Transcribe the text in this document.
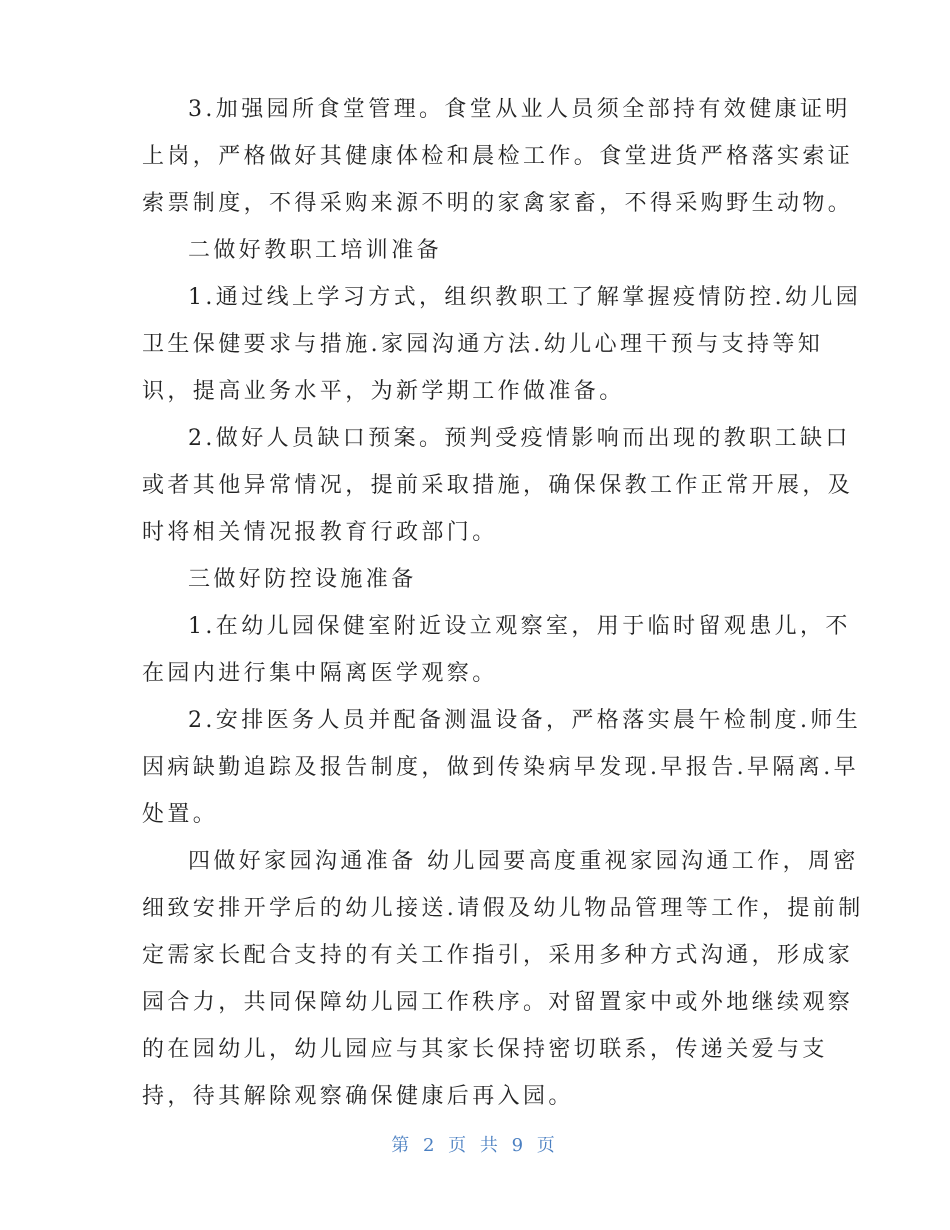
3.加强园所食堂管理。食堂从业人员须全部持有效健康证明
上岗，严格做好其健康体检和晨检工作。食堂进货严格落实索证
索票制度，不得采购来源不明的家禽家畜，不得采购野生动物。
二做好教职工培训准备
1.通过线上学习方式，组织教职工了解掌握疫情防控.幼儿园
卫生保健要求与措施.家园沟通方法.幼儿心理干预与支持等知
识，提高业务水平，为新学期工作做准备。
2.做好人员缺口预案。预判受疫情影响而出现的教职工缺口
或者其他异常情况，提前采取措施，确保保教工作正常开展，及
时将相关情况报教育行政部门。
三做好防控设施准备
1.在幼儿园保健室附近设立观察室，用于临时留观患儿，不
在园内进行集中隔离医学观察。
2.安排医务人员并配备测温设备，严格落实晨午检制度.师生
因病缺勤追踪及报告制度，做到传染病早发现.早报告.早隔离.早
处置。
四做好家园沟通准备 幼儿园要高度重视家园沟通工作，周密
细致安排开学后的幼儿接送.请假及幼儿物品管理等工作，提前制
定需家长配合支持的有关工作指引，采用多种方式沟通，形成家
园合力，共同保障幼儿园工作秩序。对留置家中或外地继续观察
的在园幼儿，幼儿园应与其家长保持密切联系，传递关爱与支
持，待其解除观察确保健康后再入园。
第 2 页 共 9 页
